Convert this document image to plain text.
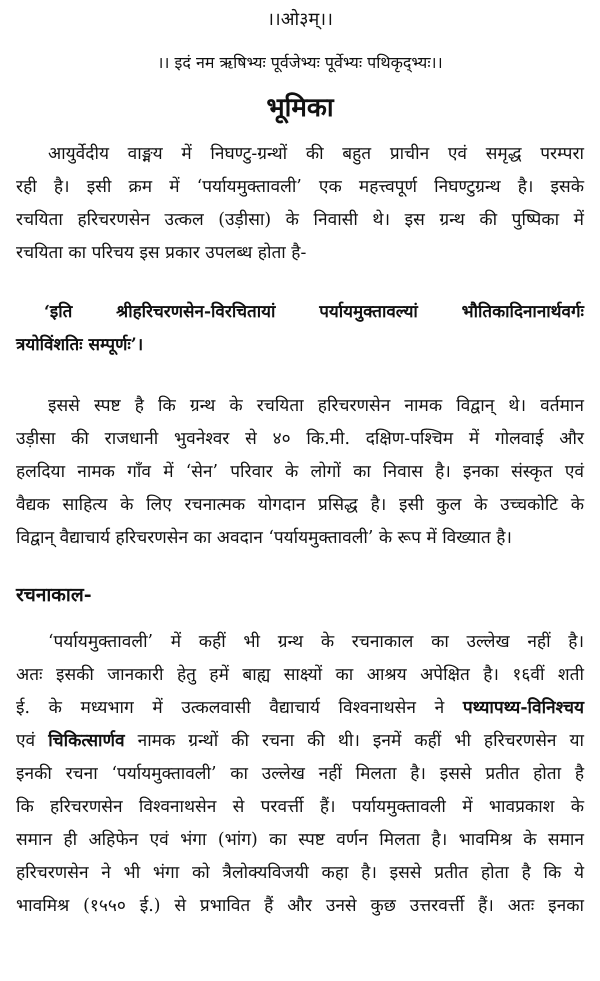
।।ओ३म्।।
।। इदं नम ऋषिभ्यः पूर्वजेभ्यः पूर्वेभ्यः पथिकृद्भ्यः।।
भूमिका
आयुर्वेदीय वाङ्मय में निघण्टु-ग्रन्थों की बहुत प्राचीन एवं समृद्ध परम्परा
रही है। इसी क्रम में ‘पर्यायमुक्तावली’ एक महत्त्वपूर्ण निघण्टुग्रन्थ है। इसके
रचयिता हरिचरणसेन उत्कल (उड़ीसा) के निवासी थे। इस ग्रन्थ की पुष्पिका में
रचयिता का परिचय इस प्रकार उपलब्ध होता है-
‘इति श्रीहरिचरणसेन-विरचितायां पर्यायमुक्तावल्यां भौतिकादिनानार्थवर्गः
त्रयोविंशतिः सम्पूर्णः’।
इससे स्पष्ट है कि ग्रन्थ के रचयिता हरिचरणसेन नामक विद्वान् थे। वर्तमान
उड़ीसा की राजधानी भुवनेश्वर से ४० कि.मी. दक्षिण-पश्चिम में गोलवाई और
हलदिया नामक गाँव में ‘सेन’ परिवार के लोगों का निवास है। इनका संस्कृत एवं
वैद्यक साहित्य के लिए रचनात्मक योगदान प्रसिद्ध है। इसी कुल के उच्चकोटि के
विद्वान् वैद्याचार्य हरिचरणसेन का अवदान ‘पर्यायमुक्तावली’ के रूप में विख्यात है।
रचनाकाल-
‘पर्यायमुक्तावली’ में कहीं भी ग्रन्थ के रचनाकाल का उल्लेख नहीं है।
अतः इसकी जानकारी हेतु हमें बाह्य साक्ष्यों का आश्रय अपेक्षित है। १६वीं शती
ई. के मध्यभाग में उत्कलवासी वैद्याचार्य विश्वनाथसेन ने पथ्यापथ्य-विनिश्चय
एवं चिकित्सार्णव नामक ग्रन्थों की रचना की थी। इनमें कहीं भी हरिचरणसेन या
इनकी रचना ‘पर्यायमुक्तावली’ का उल्लेख नहीं मिलता है। इससे प्रतीत होता है
कि हरिचरणसेन विश्वनाथसेन से परवर्त्ती हैं। पर्यायमुक्तावली में भावप्रकाश के
समान ही अहिफेन एवं भंगा (भांग) का स्पष्ट वर्णन मिलता है। भावमिश्र के समान
हरिचरणसेन ने भी भंगा को त्रैलोक्यविजयी कहा है। इससे प्रतीत होता है कि ये
भावमिश्र (१५५० ई.) से प्रभावित हैं और उनसे कुछ उत्तरवर्त्ती हैं। अतः इनका
